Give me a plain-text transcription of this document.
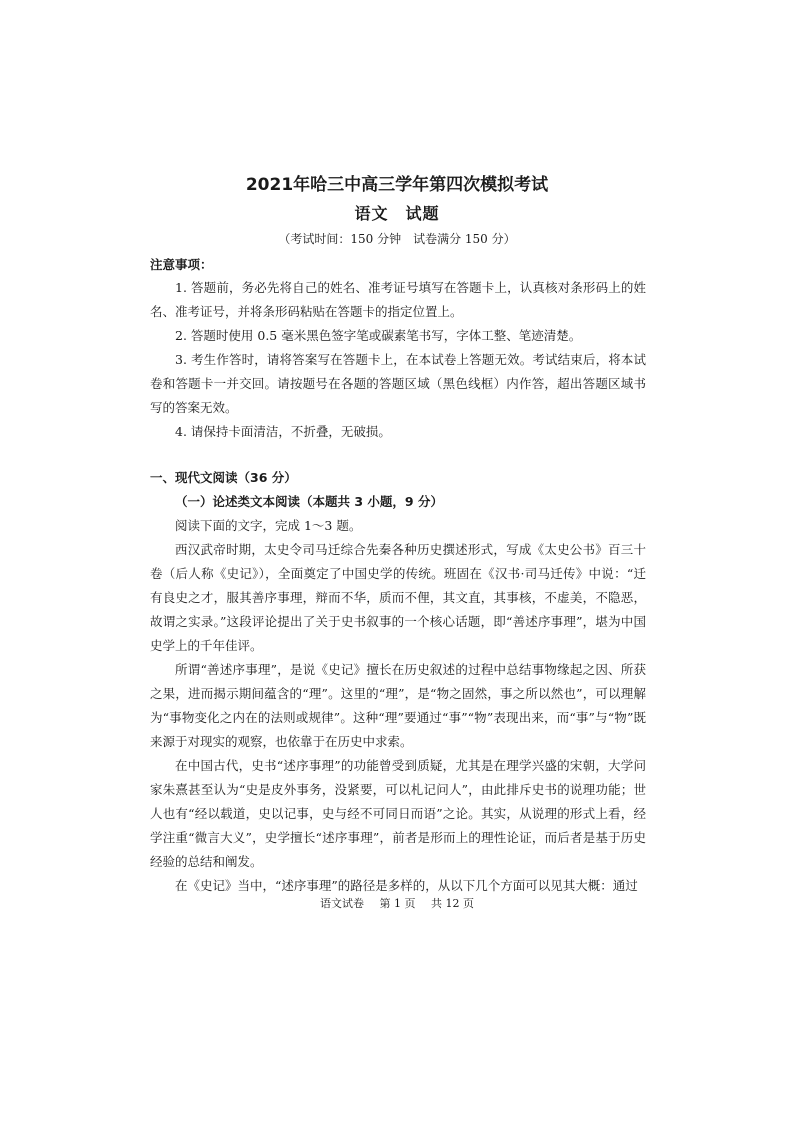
2021年哈三中高三学年第四次模拟考试
语文　试题
（考试时间：150 分钟　试卷满分 150 分）
注意事项：
1. 答题前，务必先将自己的姓名、准考证号填写在答题卡上，认真核对条形码上的姓名、准考证号，并将条形码粘贴在答题卡的指定位置上。
2. 答题时使用 0.5 毫米黑色签字笔或碳素笔书写，字体工整、笔迹清楚。
3. 考生作答时，请将答案写在答题卡上，在本试卷上答题无效。考试结束后，将本试卷和答题卡一并交回。请按题号在各题的答题区域（黑色线框）内作答，超出答题区域书写的答案无效。
4. 请保持卡面清洁，不折叠，无破损。
一、现代文阅读（36 分）
（一）论述类文本阅读（本题共 3 小题，9 分）
阅读下面的文字，完成 1～3 题。

西汉武帝时期，太史令司马迁综合先秦各种历史撰述形式，写成《太史公书》百三十卷（后人称《史记》），全面奠定了中国史学的传统。班固在《汉书·司马迁传》中说：“迁有良史之才，服其善序事理，辩而不华，质而不俚，其文直，其事核，不虚美，不隐恶，故谓之实录。”这段评论提出了关于史书叙事的一个核心话题，即“善述序事理”，堪为中国史学上的千年佳评。

所谓“善述序事理”，是说《史记》擅长在历史叙述的过程中总结事物缘起之因、所获之果，进而揭示期间蕴含的“理”。这里的“理”，是“物之固然，事之所以然也”，可以理解为“事物变化之内在的法则或规律”。这种“理”要通过“事”“物”表现出来，而“事”与“物”既来源于对现实的观察，也依靠于在历史中求索。

在中国古代，史书“述序事理”的功能曾受到质疑，尤其是在理学兴盛的宋朝，大学问家朱熹甚至认为“史是皮外事务，没紧要，可以札记问人”，由此排斥史书的说理功能；世人也有“经以载道，史以记事，史与经不可同日而语”之论。其实，从说理的形式上看，经学注重“微言大义”，史学擅长“述序事理”，前者是形而上的理性论证，而后者是基于历史经验的总结和阐发。

在《史记》当中，“述序事理”的路径是多样的，从以下几个方面可以见其大概：通过

语文试卷 第 1 页 共 12 页
